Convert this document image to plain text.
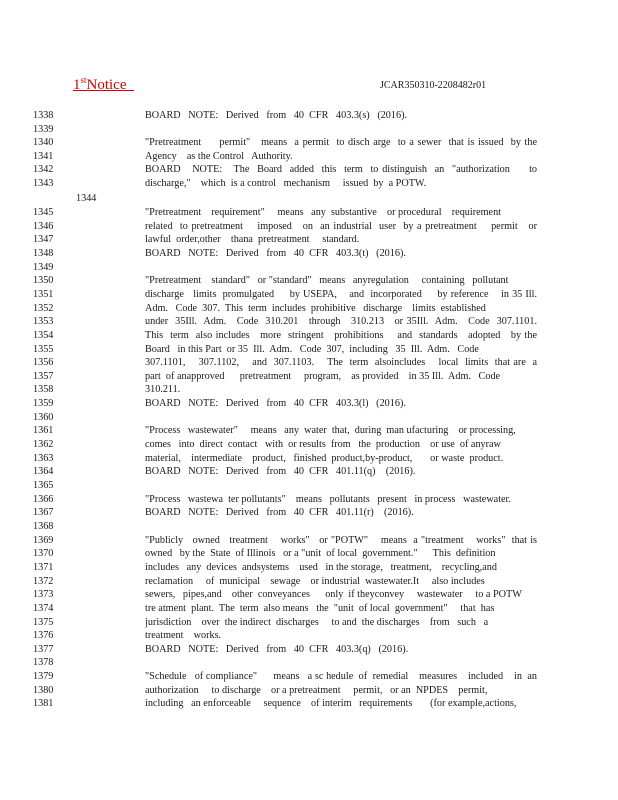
1stNotice	JCAR350310-2208482r01
1344
1338	BOARD   NOTE:   Derived   from   40  CFR   403.3(s)   (2016).
1339
1340	"Pretreatment     permit"   means  a permit  to disch arge  to a sewer  that is issued  by the
1341	Agency    as the Control   Authority.
1342	BOARD   NOTE:   The  Board  added  this  term  to distinguish  an  "authorization     to
1343	discharge,"    which  is a control   mechanism     issued  by  a POTW.
1345	"Pretreatment    requirement"     means   any  substantive    or procedural    requirement
1346	related  to pretreatment    imposed   on  an industrial  user  by a pretreatment    permit   or
1347	lawful  order,other    thana  pretreatment     standard.
1348	BOARD   NOTE:   Derived   from   40  CFR   403.3(t)   (2016).
1349
1350	"Pretreatment    standard"   or "standard"   means   anyregulation     containing   pollutant
1351	discharge   limits  promulgated     by USEPA,    and  incorporated     by reference    in 35 Ill.
1352	Adm.   Code  307.  This  term  includes  prohibitive   discharge    limits  established
1353	under  35Ill.  Adm.   Code  310.201   through   310.213   or 35Ill.  Adm.   Code  307.1101.
1354	This  term  also includes   more  stringent   prohibitions    and  standards   adopted   by the
1355	Board   in this Part  or 35  Ill.  Adm.   Code  307,  including   35  Ill.  Adm.   Code
1356	307.1101,    307.1102,    and  307.1103.    The  term  alsoincludes    local  limits  that are  a
1357	part  of anapproved      pretreatment     program,    as provided    in 35 Ill.  Adm.   Code
1358	310.211.
1359	BOARD   NOTE:   Derived   from   40  CFR   403.3(l)   (2016).
1360
1361	"Process   wastewater"     means   any  water  that,  during  man ufacturing    or processing,
1362	comes   into  direct  contact   with  or results  from   the  production    or use  of anyraw
1363	material,    intermediate    product,   finished  product,by-product,       or waste  product.
1364	BOARD   NOTE:   Derived   from   40  CFR   401.11(q)    (2016).
1365
1366	"Process   wastewa  ter pollutants"    means   pollutants   present   in process   wastewater.
1367	BOARD   NOTE:   Derived   from   40  CFR   401.11(r)    (2016).
1368
1369	"Publicly   owned   treatment    works"   or "POTW"    means  a "treatment    works"  that is
1370	owned   by the  State  of Illinois   or a "unit  of local  government."      This  definition
1371	includes   any  devices  andsystems    used   in the storage,   treatment,    recycling,and
1372	reclamation     of  municipal    sewage    or industrial  wastewater.It     also includes
1373	sewers,   pipes,and    other  conveyances      only  if theyconvey     wastewater     to a POTW
1374	tre atment  plant.  The  term  also means   the  "unit  of local  government"     that  has
1375	jurisdiction    over  the indirect  discharges     to and  the discharges    from   such   a
1376	treatment    works.
1377	BOARD   NOTE:   Derived   from   40  CFR   403.3(q)   (2016).
1378
1379	"Schedule   of compliance"      means   a sc hedule  of  remedial    measures    included    in  an
1380	authorization     to discharge    or a pretreatment     permit,   or an  NPDES    permit,
1381	including   an enforceable     sequence    of interim   requirements       (for example,actions,
